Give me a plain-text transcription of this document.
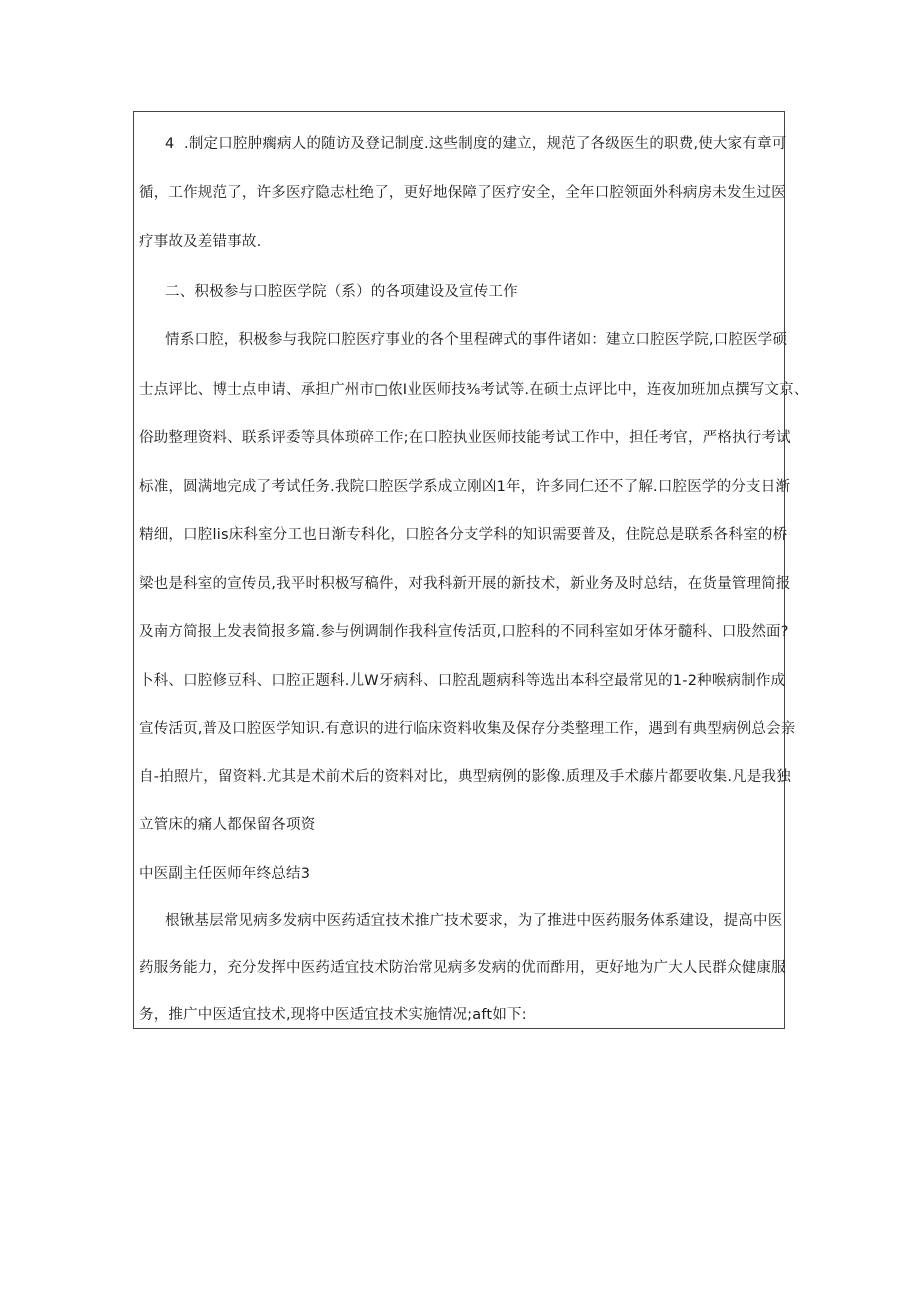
4  .制定口腔肿瘸病人的随访及登记制度.这些制度的建立，规范了各级医生的职费,使大家有章可
循，工作规范了，许多医疗隐志杜绝了，更好地保障了医疗安全，全年口腔领面外科病房未发生过医
疗事故及差错事故.
二、积极参与口腔医学院（系）的各项建设及宣传工作
情系口腔，积极参与我院口腔医疗事业的各个里程碑式的事件诸如：建立口腔医学院,口腔医学硕
士点评比、博士点申请、承担广州市□侬I业医师技⅜考试等.在硕士点评比中，连夜加班加点撰写文京、
俗助整理资料、联系评委等具体琐碎工作;在口腔执业医师技能考试工作中，担任考官，严格执行考试
标准，圆满地完成了考试任务.我院口腔医学系成立刚凶1年，许多同仁还不了解.口腔医学的分支日渐
精细，口腔lis床科室分工也日渐专科化，口腔各分支学科的知识需要普及，住院总是联系各科室的桥
梁也是科室的宣传员,我平时积极写稿件，对我科新开展的新技术，新业务及时总结，在货量管理简报
及南方简报上发表简报多篇.参与例调制作我科宣传活页,口腔科的不同科室如牙体牙髓科、口股然面?
卜科、口腔修豆科、口腔正题科.儿W牙病科、口腔乱题病科等选出本科空最常见的1-2种喉病制作成
宣传活页,普及口腔医学知识.有意识的进行临床资料收集及保存分类整理工作，遇到有典型病例总会亲
自-拍照片，留资料.尤其是术前术后的资料对比，典型病例的影像.质理及手术藤片都要收集.凡是我独
立管床的痛人都保留各项资
中医副主任医师年终总结3
根锹基层常见病多发病中医药适宜技术推广技术要求，为了推进中医药服务体系建设，提高中医
药服务能力，充分发挥中医药适宜技术防治常见病多发病的优而酢用，更好地为广大人民群众健康服
务，推广中医适宜技术,现将中医适宜技术实施情况;aft如下:
